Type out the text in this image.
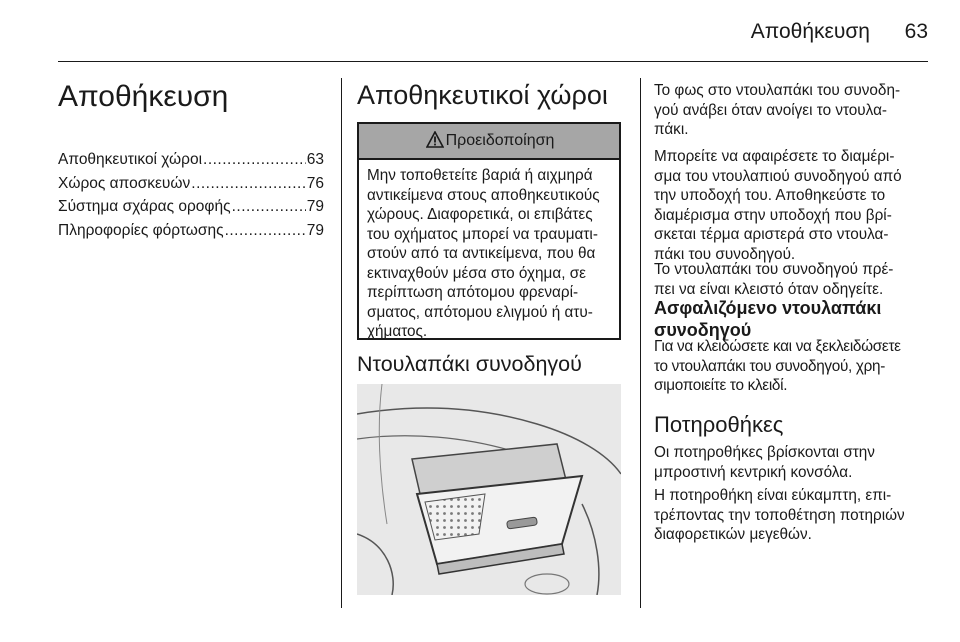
Αποθήκευση	63
Αποθήκευση
Αποθηκευτικοί χώροι .....	63
Χώρος αποσκευών .....	76
Σύστημα σχάρας οροφής .....	79
Πληροφορίες φόρτωσης .....	79
Αποθηκευτικοί χώροι
Προειδοποίηση
Μην τοποθετείτε βαριά ή αιχμηρά
αντικείμενα στους αποθηκευτικούς
χώρους. Διαφορετικά, οι επιβάτες
του οχήματος μπορεί να τραυματι-
στούν από τα αντικείμενα, που θα
εκτιναχθούν μέσα στο όχημα, σε
περίπτωση απότομου φρεναρί-
σματος, απότομου ελιγμού ή ατυ-
χήματος.
Ντουλαπάκι συνοδηγού
Το φως στο ντουλαπάκι του συνοδη-
γού ανάβει όταν ανοίγει το ντουλα-
πάκι.
Μπορείτε να αφαιρέσετε το διαμέρι-
σμα του ντουλαπιού συνοδηγού από
την υποδοχή του. Αποθηκεύστε το
διαμέρισμα στην υποδοχή που βρί-
σκεται τέρμα αριστερά στο ντουλα-
πάκι του συνοδηγού.
Το ντουλαπάκι του συνοδηγού πρέ-
πει να είναι κλειστό όταν οδηγείτε.
Ασφαλιζόμενο ντουλαπάκι
συνοδηγού
Για να κλειδώσετε και να ξεκλειδώσετε
το ντουλαπάκι του συνοδηγού, χρη-
σιμοποιείτε το κλειδί.
Ποτηροθήκες
Οι ποτηροθήκες βρίσκονται στην
μπροστινή κεντρική κονσόλα.
Η ποτηροθήκη είναι εύκαμπτη, επι-
τρέποντας την τοποθέτηση ποτηριών
διαφορετικών μεγεθών.
